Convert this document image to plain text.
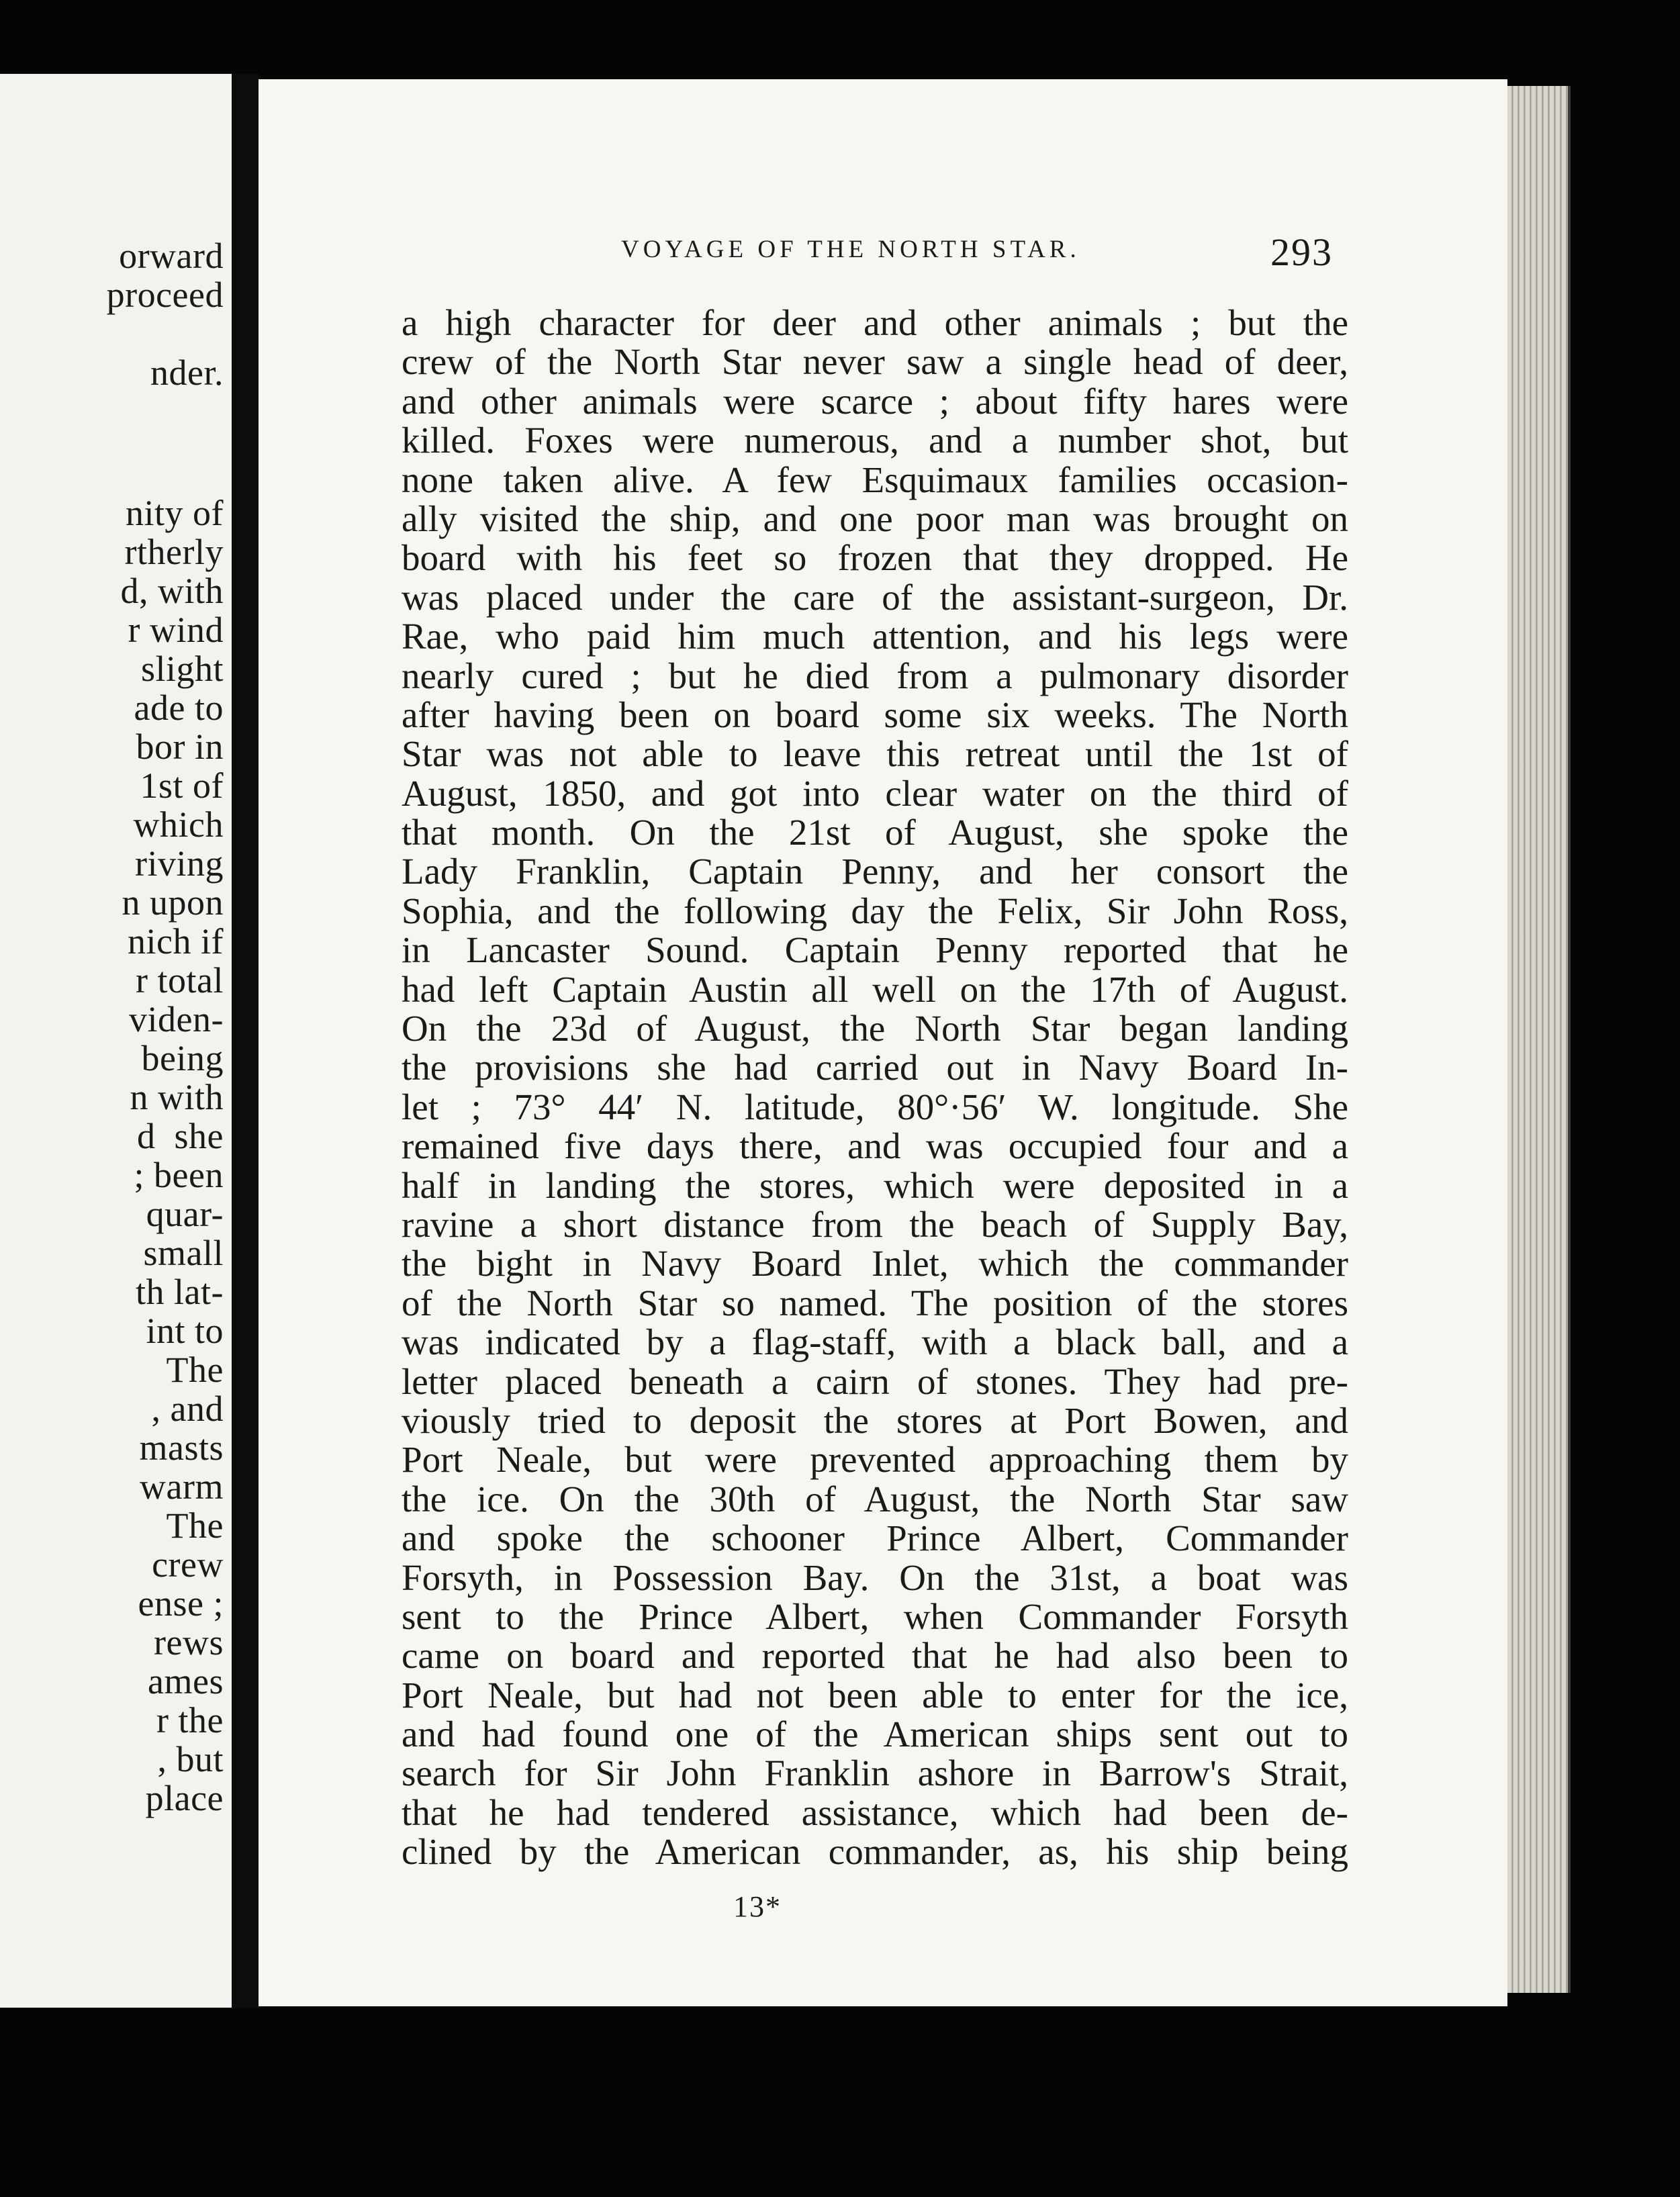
orward
proceed
nder.
nity of
rtherly
d, with
r wind
slight
ade to
bor in
1st of
which
riving
n upon
nich if
r total
viden-
being
n with
d  she
; been
quar-
small
th lat-
int to
The
, and
masts
warm
The
crew
ense ;
rews
ames
r the
, but
place
VOYAGE OF THE NORTH STAR.	293
a high character for deer and other animals ; but the
crew of the North Star never saw a single head of deer,
and other animals were scarce ; about fifty hares were
killed. Foxes were numerous, and a number shot, but
none taken alive. A few Esquimaux families occasion-
ally visited the ship, and one poor man was brought on
board with his feet so frozen that they dropped. He
was placed under the care of the assistant-surgeon, Dr.
Rae, who paid him much attention, and his legs were
nearly cured ; but he died from a pulmonary disorder
after having been on board some six weeks. The North
Star was not able to leave this retreat until the 1st of
August, 1850, and got into clear water on the third of
that month. On the 21st of August, she spoke the
Lady Franklin, Captain Penny, and her consort the
Sophia, and the following day the Felix, Sir John Ross,
in Lancaster Sound. Captain Penny reported that he
had left Captain Austin all well on the 17th of August.
On the 23d of August, the North Star began landing
the provisions she had carried out in Navy Board In-
let ; 73° 44′ N. latitude, 80°·56′ W. longitude. She
remained five days there, and was occupied four and a
half in landing the stores, which were deposited in a
ravine a short distance from the beach of Supply Bay,
the bight in Navy Board Inlet, which the commander
of the North Star so named. The position of the stores
was indicated by a flag-staff, with a black ball, and a
letter placed beneath a cairn of stones. They had pre-
viously tried to deposit the stores at Port Bowen, and
Port Neale, but were prevented approaching them by
the ice. On the 30th of August, the North Star saw
and spoke the schooner Prince Albert, Commander
Forsyth, in Possession Bay. On the 31st, a boat was
sent to the Prince Albert, when Commander Forsyth
came on board and reported that he had also been to
Port Neale, but had not been able to enter for the ice,
and had found one of the American ships sent out to
search for Sir John Franklin ashore in Barrow's Strait,
that he had tendered assistance, which had been de-
clined by the American commander, as, his ship being
13*
